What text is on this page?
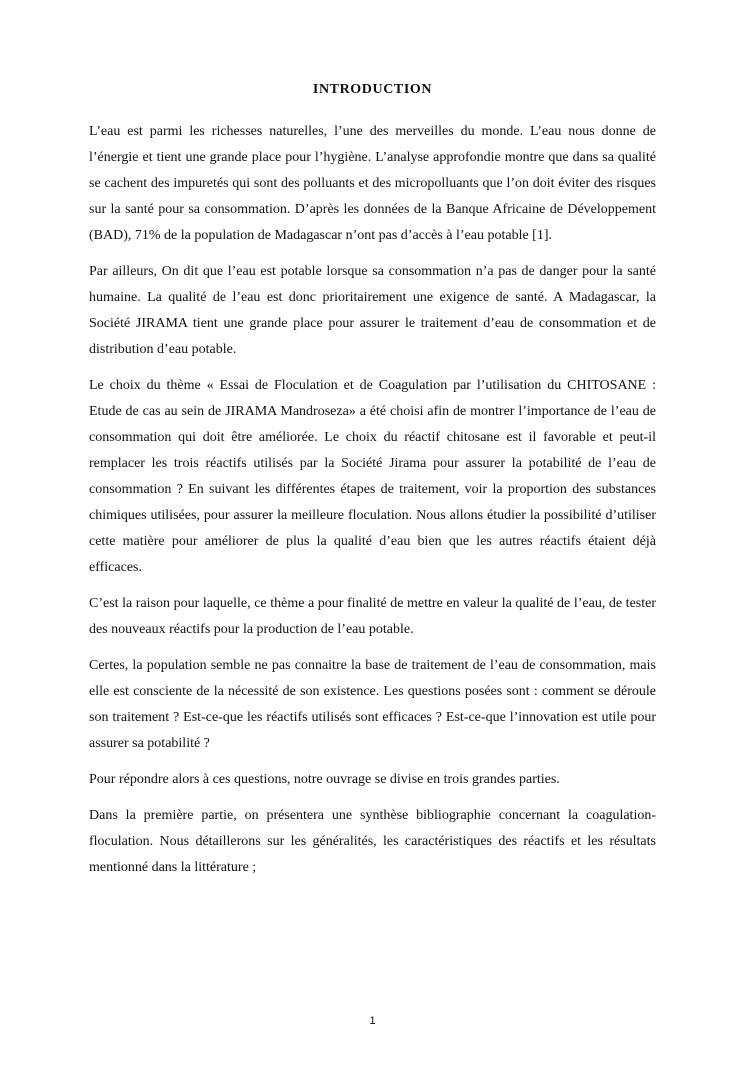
INTRODUCTION

L’eau est parmi les richesses naturelles, l’une des merveilles du monde. L’eau nous donne de l’énergie et tient une grande place pour l’hygiène. L’analyse approfondie montre que dans sa qualité se cachent des impuretés qui sont des polluants et des micropolluants que l’on doit éviter des risques sur la santé pour sa consommation. D’après les données de la Banque Africaine de Développement (BAD), 71% de la population de Madagascar n’ont pas d’accès à l’eau potable [1].

Par ailleurs, On dit que l’eau est potable lorsque sa consommation n’a pas de danger pour la santé humaine. La qualité de l’eau est donc prioritairement une exigence de santé. A Madagascar, la Société JIRAMA tient une grande place pour assurer le traitement d’eau de consommation et de distribution d’eau potable.

Le choix du thème « Essai de Floculation et de Coagulation par l’utilisation du CHITOSANE : Etude de cas au sein de JIRAMA Mandroseza» a été choisi afin de montrer l’importance de l’eau de consommation qui doit être améliorée. Le choix du réactif chitosane est il favorable et peut-il remplacer les trois réactifs utilisés par la Société Jirama pour assurer la potabilité de l’eau de consommation ? En suivant les différentes étapes de traitement, voir la proportion des substances chimiques utilisées, pour assurer la meilleure floculation. Nous allons étudier la possibilité d’utiliser cette matière pour améliorer de plus la qualité d’eau bien que les autres réactifs étaient déjà efficaces.

C’est la raison pour laquelle, ce thème a pour finalité de mettre en valeur la qualité de l’eau, de tester des nouveaux réactifs pour la production de l’eau potable.

Certes, la population semble ne pas connaitre la base de traitement de l’eau de consommation, mais elle est consciente de la nécessité de son existence. Les questions posées sont : comment se déroule son traitement ? Est-ce-que les réactifs utilisés sont efficaces ? Est-ce-que l’innovation est utile pour assurer sa potabilité ?

Pour répondre alors à ces questions, notre ouvrage se divise en trois grandes parties.

Dans la première partie, on présentera une synthèse bibliographie concernant la coagulation-floculation. Nous détaillerons sur les généralités, les caractéristiques des réactifs et les résultats mentionné dans la littérature ;

1
